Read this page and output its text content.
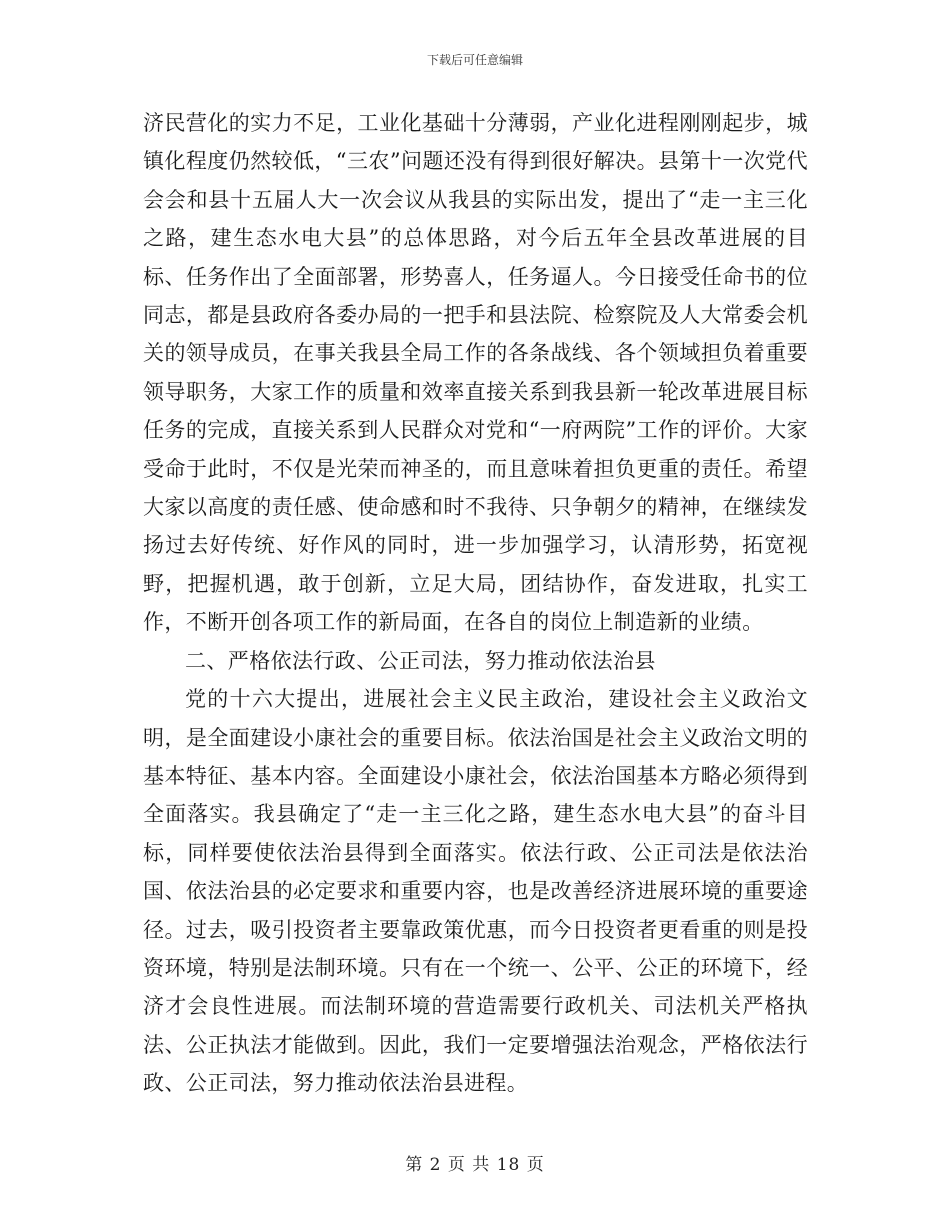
下载后可任意编辑

济民营化的实力不足，工业化基础十分薄弱，产业化进程刚刚起步，城镇化程度仍然较低，“三农”问题还没有得到很好解决。县第十一次党代会会和县十五届人大一次会议从我县的实际出发，提出了“走一主三化之路，建生态水电大县”的总体思路，对今后五年全县改革进展的目标、任务作出了全面部署，形势喜人，任务逼人。今日接受任命书的位同志，都是县政府各委办局的一把手和县法院、检察院及人大常委会机关的领导成员，在事关我县全局工作的各条战线、各个领域担负着重要领导职务，大家工作的质量和效率直接关系到我县新一轮改革进展目标任务的完成，直接关系到人民群众对党和“一府两院”工作的评价。大家受命于此时，不仅是光荣而神圣的，而且意味着担负更重的责任。希望大家以高度的责任感、使命感和时不我待、只争朝夕的精神，在继续发扬过去好传统、好作风的同时，进一步加强学习，认清形势，拓宽视野，把握机遇，敢于创新，立足大局，团结协作，奋发进取，扎实工作，不断开创各项工作的新局面，在各自的岗位上制造新的业绩。

二、严格依法行政、公正司法，努力推动依法治县

党的十六大提出，进展社会主义民主政治，建设社会主义政治文明，是全面建设小康社会的重要目标。依法治国是社会主义政治文明的基本特征、基本内容。全面建设小康社会，依法治国基本方略必须得到全面落实。我县确定了“走一主三化之路，建生态水电大县”的奋斗目标，同样要使依法治县得到全面落实。依法行政、公正司法是依法治国、依法治县的必定要求和重要内容，也是改善经济进展环境的重要途径。过去，吸引投资者主要靠政策优惠，而今日投资者更看重的则是投资环境，特别是法制环境。只有在一个统一、公平、公正的环境下，经济才会良性进展。而法制环境的营造需要行政机关、司法机关严格执法、公正执法才能做到。因此，我们一定要增强法治观念，严格依法行政、公正司法，努力推动依法治县进程。

第 2 页 共 18 页
